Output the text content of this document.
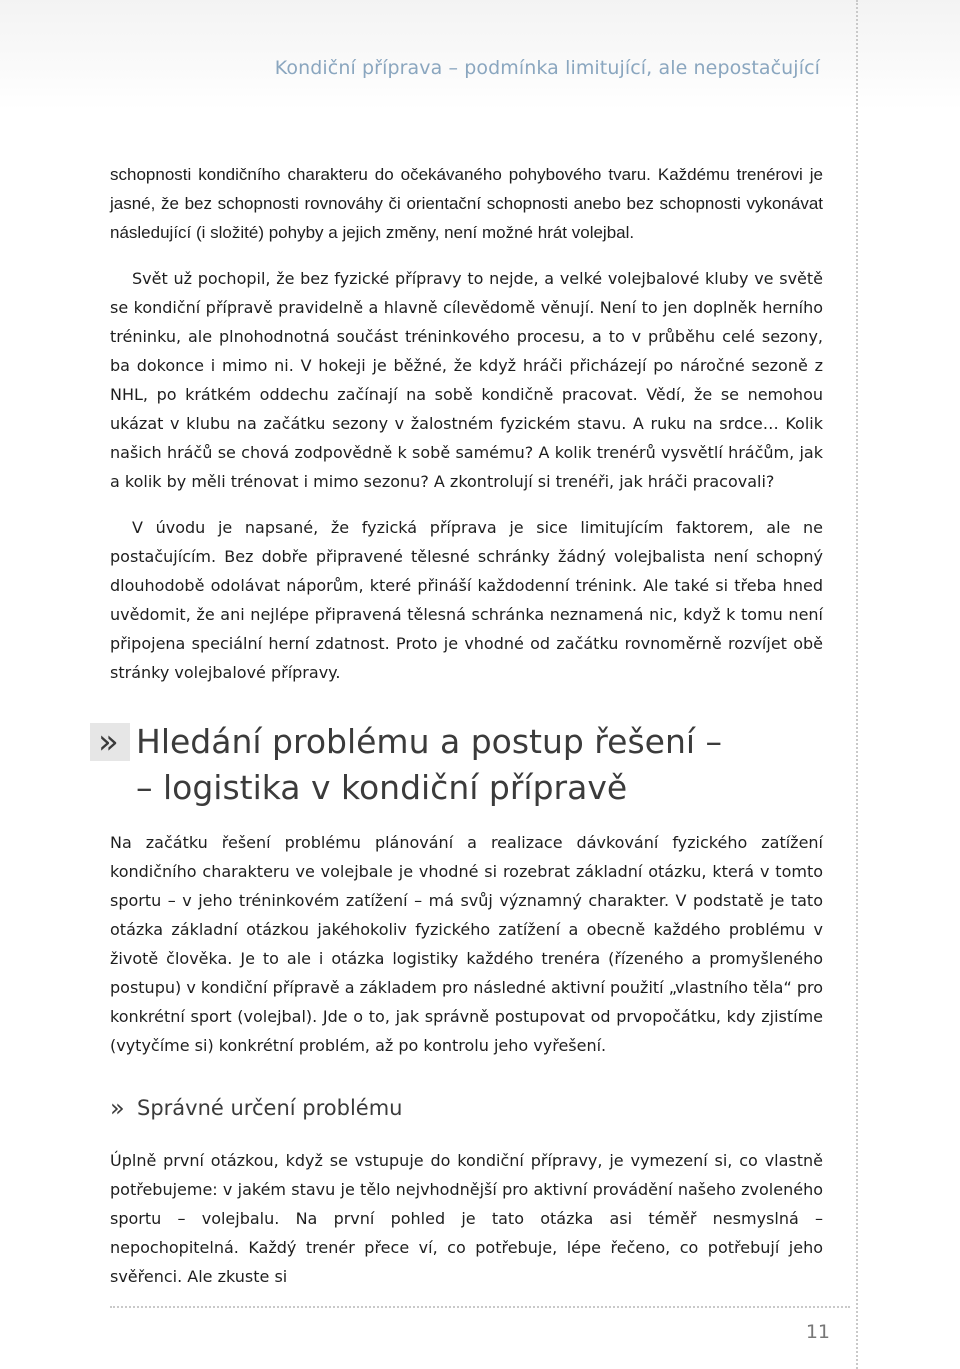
Kondiční příprava – podmínka limitující, ale nepostačující

schopnosti kondičního charakteru do očekávaného pohybového tvaru. Každému trenérovi je jasné, že bez schopnosti rovnováhy či orientační schopnosti anebo bez schopnosti vykonávat následující (i složité) pohyby a jejich změny, není možné hrát volejbal.

Svět už pochopil, že bez fyzické přípravy to nejde, a velké volejbalové kluby ve světě se kondiční přípravě pravidelně a hlavně cílevědomě věnují. Není to jen doplněk herního tréninku, ale plnohodnotná součást tréninkového procesu, a to v průběhu celé sezony, ba dokonce i mimo ni. V hokeji je běžné, že když hráči přicházejí po náročné sezoně z NHL, po krátkém oddechu začínají na sobě kondičně pracovat. Vědí, že se nemohou ukázat v klubu na začátku sezony v žalostném fyzickém stavu. A ruku na srdce… Kolik našich hráčů se chová zodpovědně k sobě samému? A kolik trenérů vysvětlí hráčům, jak a kolik by měli trénovat i mimo sezonu? A zkontrolují si trenéři, jak hráči pracovali?

V úvodu je napsané, že fyzická příprava je sice limitujícím faktorem, ale ne postačujícím. Bez dobře připravené tělesné schránky žádný volejbalista není schopný dlouhodobě odolávat náporům, které přináší každodenní trénink. Ale také si třeba hned uvědomit, že ani nejlépe připravená tělesná schránka neznamená nic, když k tomu není připojena speciální herní zdatnost. Proto je vhodné od začátku rovnoměrně rozvíjet obě stránky volejbalové přípravy.

» Hledání problému a postup řešení –
– logistika v kondiční přípravě

Na začátku řešení problému plánování a realizace dávkování fyzického zatížení kondičního charakteru ve volejbale je vhodné si rozebrat základní otázku, která v tomto sportu – v jeho tréninkovém zatížení – má svůj významný charakter. V podstatě je tato otázka základní otázkou jakéhokoliv fyzického zatížení a obecně každého problému v životě člověka. Je to ale i otázka logistiky každého trenéra (řízeného a promyšleného postupu) v kondiční přípravě a základem pro následné aktivní použití „vlastního těla“ pro konkrétní sport (volejbal). Jde o to, jak správně postupovat od prvopočátku, kdy zjistíme (vytyčíme si) konkrétní problém, až po kontrolu jeho vyřešení.

» Správné určení problému

Úplně první otázkou, když se vstupuje do kondiční přípravy, je vymezení si, co vlastně potřebujeme: v jakém stavu je tělo nejvhodnější pro aktivní provádění našeho zvoleného sportu – volejbalu. Na první pohled je tato otázka asi téměř nesmyslná – nepochopitelná. Každý trenér přece ví, co potřebuje, lépe řečeno, co potřebují jeho svěřenci. Ale zkuste si

11
